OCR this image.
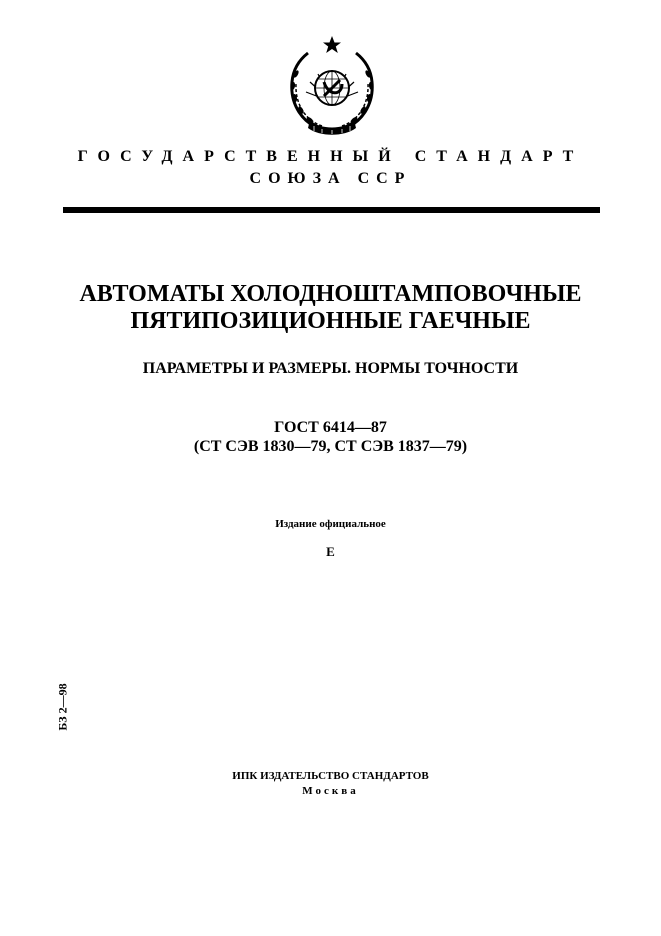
ГОСУДАРСТВЕННЫЙ СТАНДАРТ
СОЮЗА ССР
АВТОМАТЫ ХОЛОДНОШТАМПОВОЧНЫЕ
ПЯТИПОЗИЦИОННЫЕ ГАЕЧНЫЕ
ПАРАМЕТРЫ И РАЗМЕРЫ. НОРМЫ ТОЧНОСТИ
ГОСТ 6414—87
(СТ СЭВ 1830—79, СТ СЭВ 1837—79)
Издание официальное
Е
БЗ 2—98
ИПК ИЗДАТЕЛЬСТВО СТАНДАРТОВ
Москва
